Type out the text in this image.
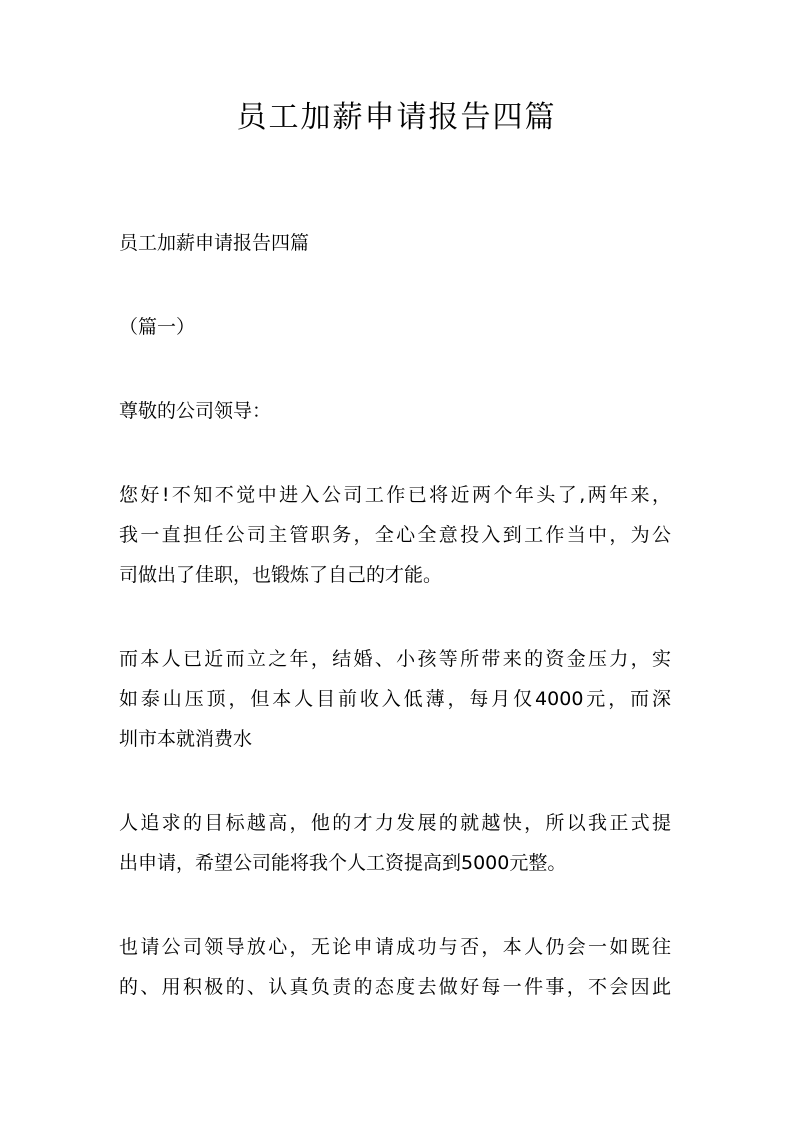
员工加薪申请报告四篇

员工加薪申请报告四篇

（篇一）

尊敬的公司领导：

您好!不知不觉中进入公司工作已将近两个年头了,两年来，

我一直担任公司主管职务，全心全意投入到工作当中，为公

司做出了佳职，也锻炼了自己的才能。

而本人已近而立之年，结婚、小孩等所带来的资金压力，实

如泰山压顶，但本人目前收入低薄，每月仅4000元，而深

圳市本就消费水

人追求的目标越高，他的才力发展的就越快，所以我正式提

出申请，希望公司能将我个人工资提高到5000元整。

也请公司领导放心，无论申请成功与否，本人仍会一如既往

的、用积极的、认真负责的态度去做好每一件事，不会因此
